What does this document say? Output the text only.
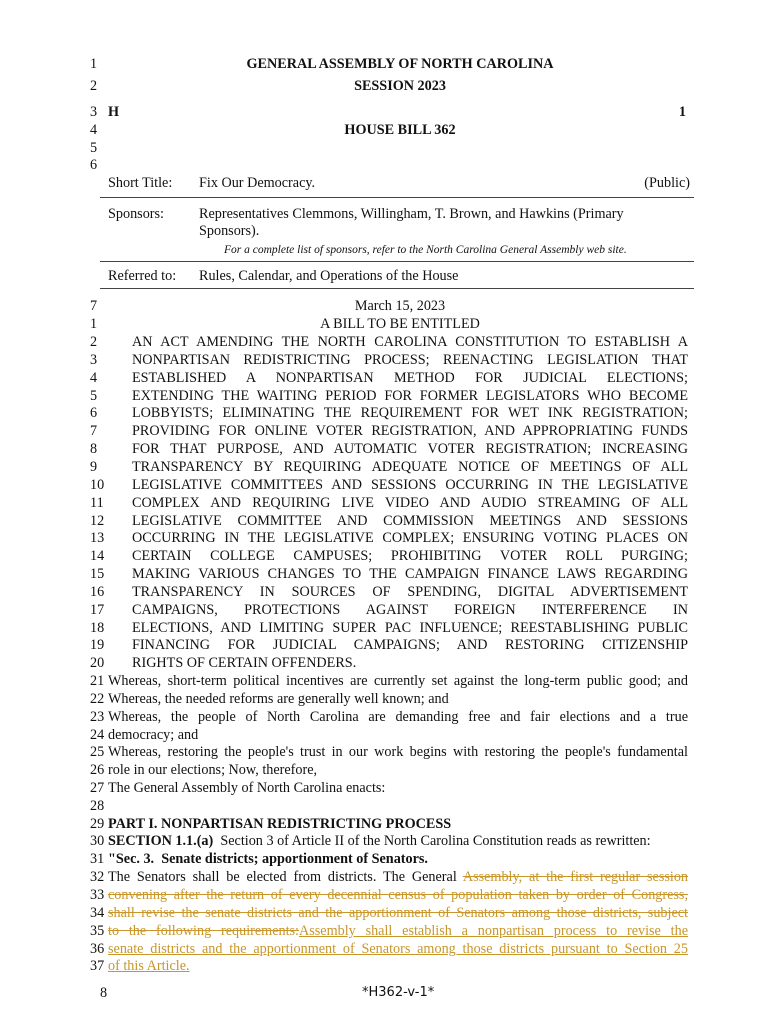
1	GENERAL ASSEMBLY OF NORTH CAROLINA
2	SESSION 2023
3 H	1
4	HOUSE BILL 362
5
6
Short Title: Fix Our Democracy.	(Public)
Sponsors: Representatives Clemmons, Willingham, T. Brown, and Hawkins (Primary
Sponsors).
For a complete list of sponsors, refer to the North Carolina General Assembly web site.
Referred to: Rules, Calendar, and Operations of the House
7	March 15, 2023
1	A BILL TO BE ENTITLED
2	AN ACT AMENDING THE NORTH CAROLINA CONSTITUTION TO ESTABLISH A
3	NONPARTISAN REDISTRICTING PROCESS; REENACTING LEGISLATION THAT
4	ESTABLISHED A NONPARTISAN METHOD FOR JUDICIAL ELECTIONS;
5	EXTENDING THE WAITING PERIOD FOR FORMER LEGISLATORS WHO BECOME
6	LOBBYISTS; ELIMINATING THE REQUIREMENT FOR WET INK REGISTRATION;
7	PROVIDING FOR ONLINE VOTER REGISTRATION, AND APPROPRIATING FUNDS
8	FOR THAT PURPOSE, AND AUTOMATIC VOTER REGISTRATION; INCREASING
9	TRANSPARENCY BY REQUIRING ADEQUATE NOTICE OF MEETINGS OF ALL
10	LEGISLATIVE COMMITTEES AND SESSIONS OCCURRING IN THE LEGISLATIVE
11	COMPLEX AND REQUIRING LIVE VIDEO AND AUDIO STREAMING OF ALL
12	LEGISLATIVE COMMITTEE AND COMMISSION MEETINGS AND SESSIONS
13	OCCURRING IN THE LEGISLATIVE COMPLEX; ENSURING VOTING PLACES ON
14	CERTAIN COLLEGE CAMPUSES; PROHIBITING VOTER ROLL PURGING;
15	MAKING VARIOUS CHANGES TO THE CAMPAIGN FINANCE LAWS REGARDING
16	TRANSPARENCY IN SOURCES OF SPENDING, DIGITAL ADVERTISEMENT
17	CAMPAIGNS, PROTECTIONS AGAINST FOREIGN INTERFERENCE IN
18	ELECTIONS, AND LIMITING SUPER PAC INFLUENCE; REESTABLISHING PUBLIC
19	FINANCING FOR JUDICIAL CAMPAIGNS; AND RESTORING CITIZENSHIP
20	RIGHTS OF CERTAIN OFFENDERS.
21 Whereas, short-term political incentives are currently set against the long-term public good; and
22 Whereas, the needed reforms are generally well known; and
23 Whereas, the people of North Carolina are demanding free and fair elections and a true
24 democracy; and
25 Whereas, restoring the people's trust in our work begins with restoring the people's fundamental
26 role in our elections; Now, therefore,
27 The General Assembly of North Carolina enacts:
28
29 PART I. NONPARTISAN REDISTRICTING PROCESS
30 SECTION 1.1.(a)  Section 3 of Article II of the North Carolina Constitution reads as rewritten:
31 "Sec. 3.  Senate districts; apportionment of Senators.
32 The Senators shall be elected from districts. The General Assembly, at the first regular session
33 convening after the return of every decennial census of population taken by order of Congress,
34 shall revise the senate districts and the apportionment of Senators among those districts, subject
35 to the following requirements:Assembly shall establish a nonpartisan process to revise the
36 senate districts and the apportionment of Senators among those districts pursuant to Section 25
37 of this Article.
8	*H362-v-1*
